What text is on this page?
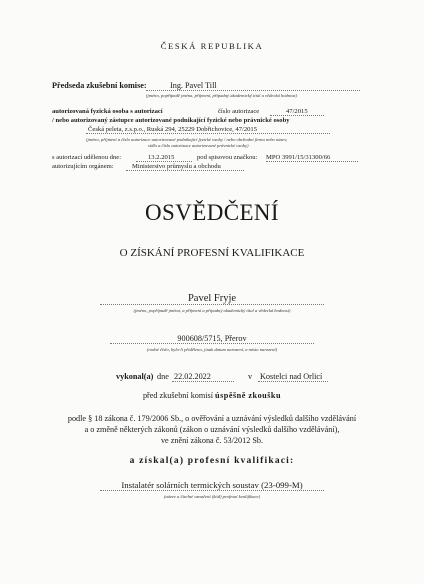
ČESKÁ REPUBLIKA
Předseda zkušební komise:	Ing. Pavel Till
(jméno, popřípadě jména, příjmení, případný akademický titul a vědecká hodnost)
autorizovaná fyzická osoba s autorizací	číslo autorizace	47/2015
/ nebo autorizovaný zástupce autorizované podnikající fyzické nebo právnické osoby
Česká peleta, z.s.p.o., Ruská 294, 25229 Dobřichovice, 47/2015
(jméno, příjmení a číslo autorizace autorizované podnikající fyzické osoby / nebo obchodní firma nebo název,
sídlo a číslo autorizace autorizované právnické osoby)
s autorizací udělenou dne:	13.2.2015	pod spisovou značkou: MPO 3991/15/31300/66
autorizujícím orgánem:	Ministerstvo průmyslu a obchodu
OSVĚDČENÍ
O ZÍSKÁNÍ PROFESNÍ KVALIFIKACE
Pavel Fryje
(jméno, popřípadě jména, a příjmení a případný akademický titul a vědecká hodnost)
900608/5715, Přerov
(rodné číslo, bylo-li přiděleno, jinak datum narození, a místo narození)
vykonal(a) dne 22.02.2022	v Kostelci nad Orlicí
před zkušební komisí úspěšně zkoušku
podle § 18 zákona č. 179/2006 Sb., o ověřování a uznávání výsledků dalšího vzdělávání
a o změně některých zákonů (zákon o uznávání výsledků dalšího vzdělávání),
ve znění zákona č. 53/2012 Sb.
a získal(a) profesní kvalifikaci:
Instalatér solárních termických soustav (23-099-M)
(název a číselné označení (kód) profesní kvalifikace)
